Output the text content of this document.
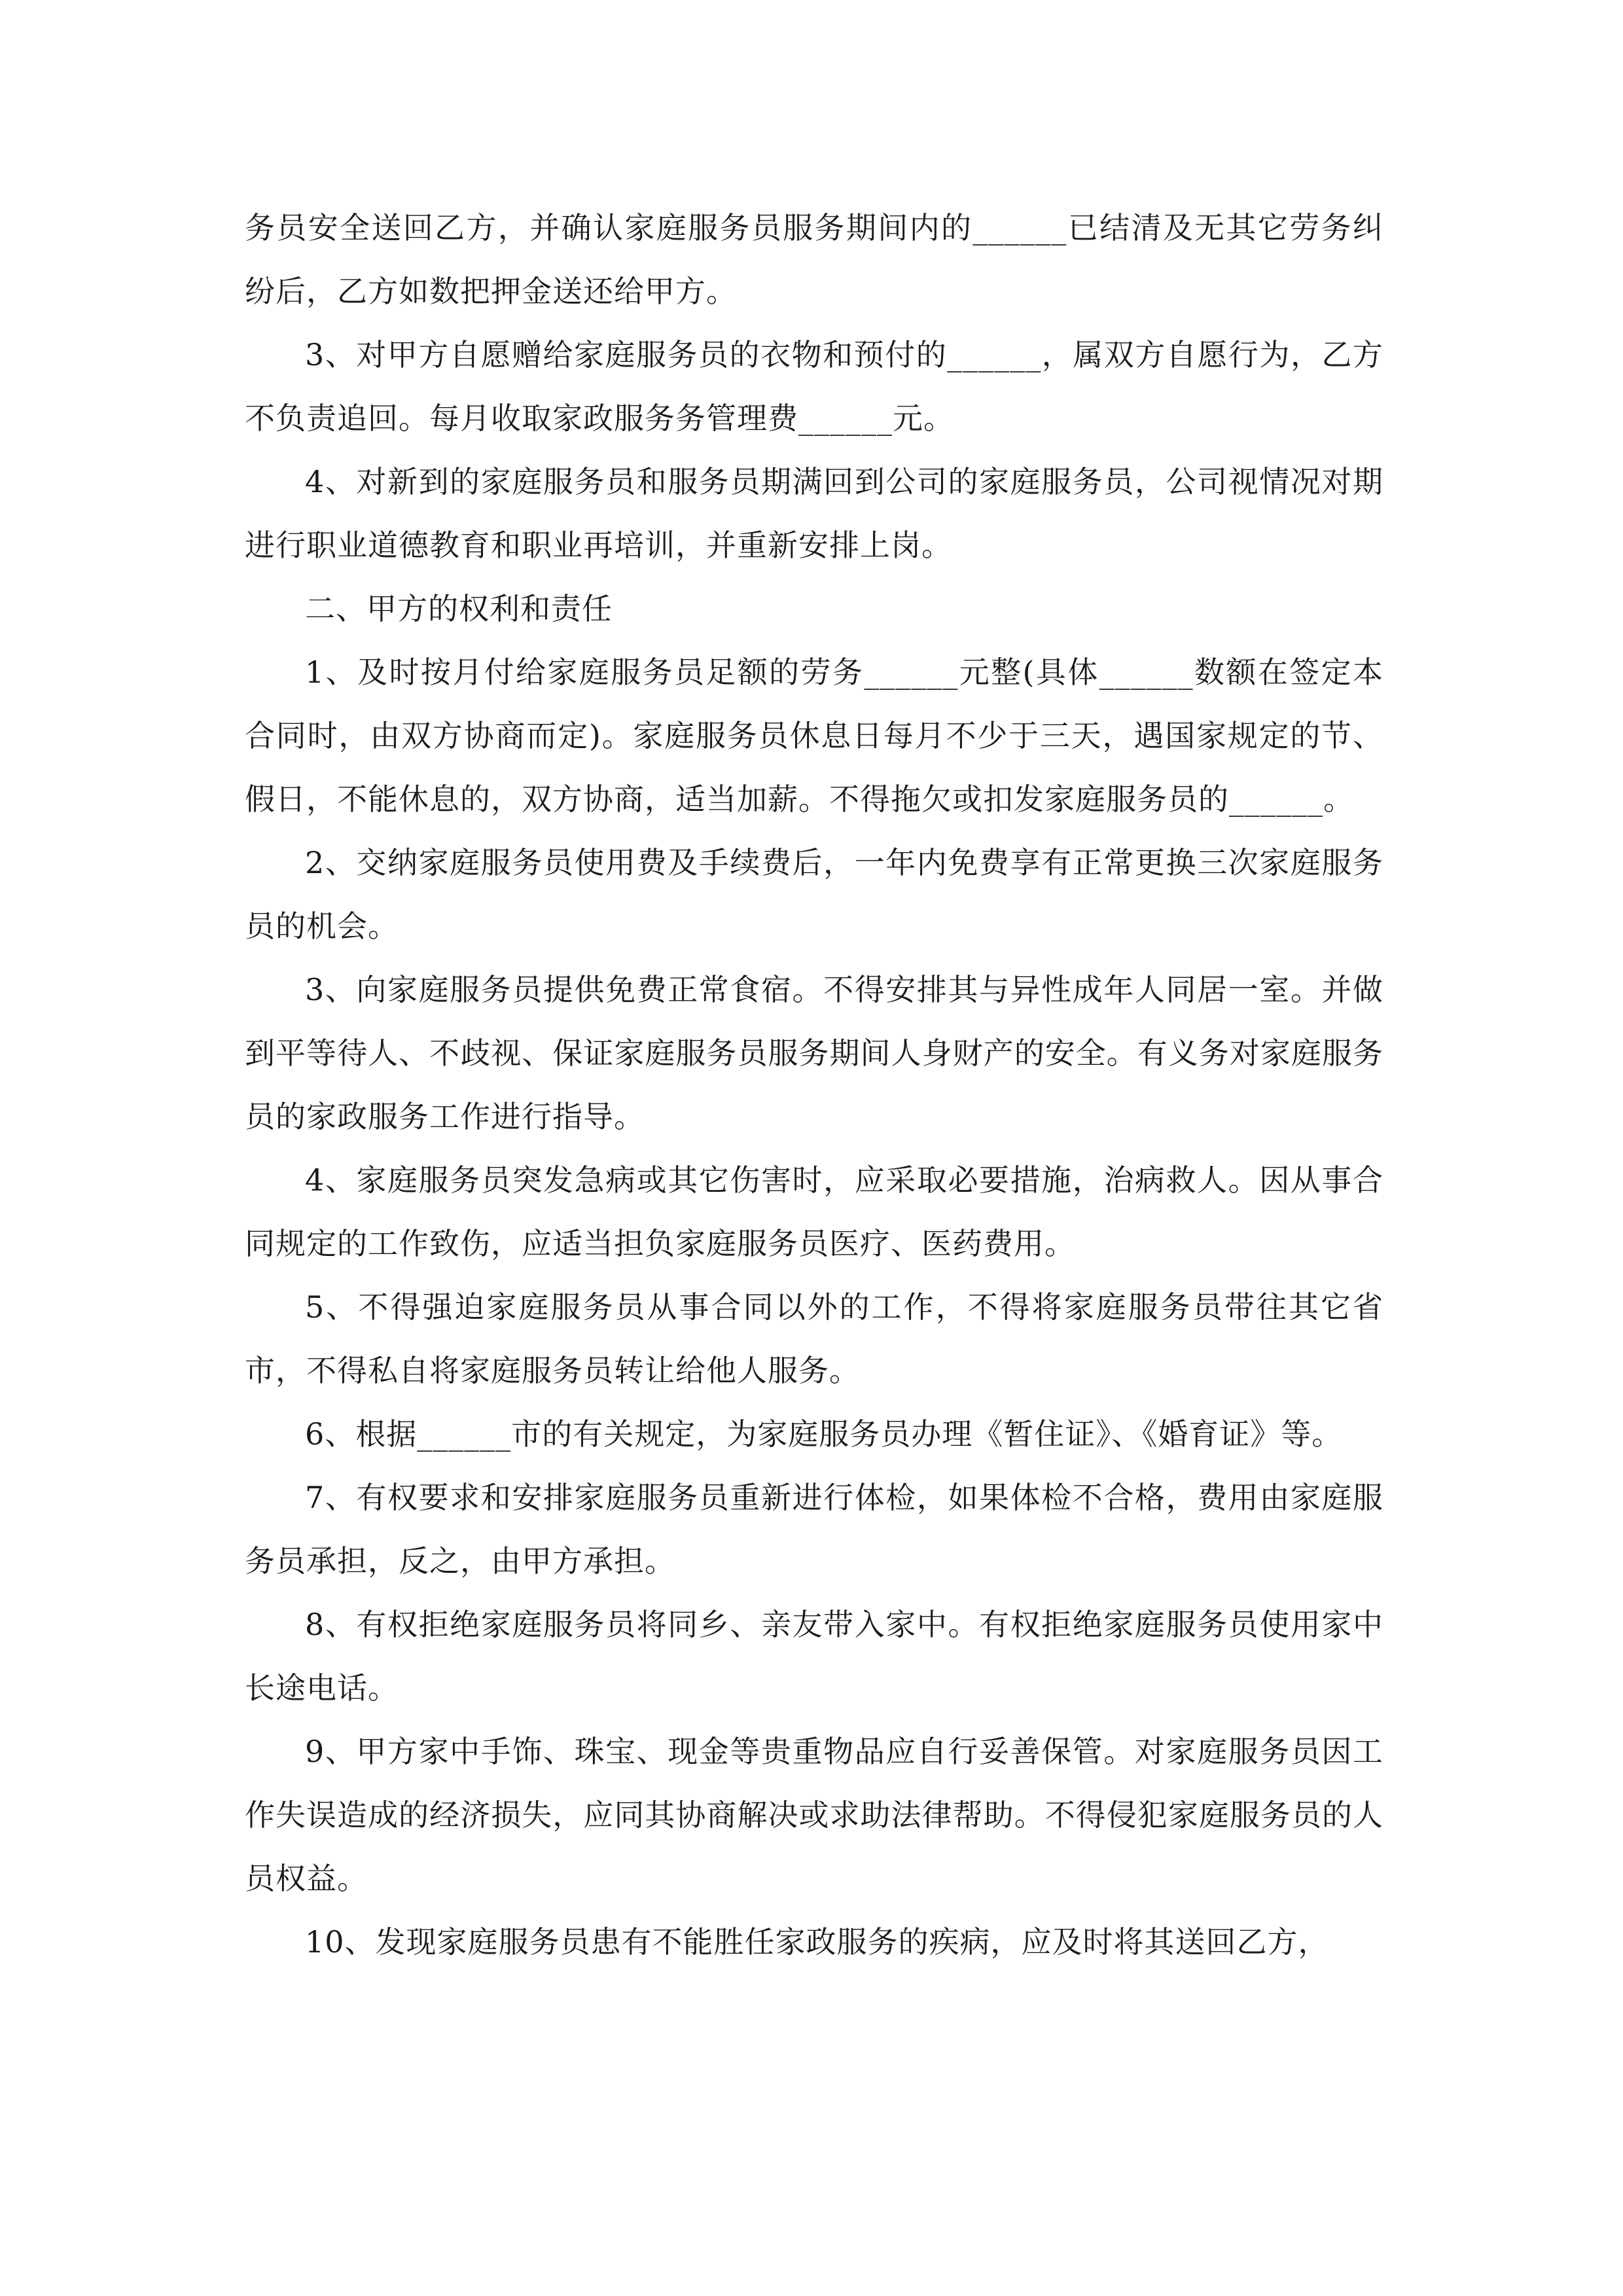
务员安全送回乙方，并确认家庭服务员服务期间内的______已结清及无其它劳务纠纷后，乙方如数把押金送还给甲方。

3、对甲方自愿赠给家庭服务员的衣物和预付的______，属双方自愿行为，乙方不负责追回。每月收取家政服务务管理费______元。

4、对新到的家庭服务员和服务员期满回到公司的家庭服务员，公司视情况对期进行职业道德教育和职业再培训，并重新安排上岗。

二、甲方的权利和责任

1、及时按月付给家庭服务员足额的劳务______元整(具体______数额在签定本合同时，由双方协商而定)。家庭服务员休息日每月不少于三天，遇国家规定的节、假日，不能休息的，双方协商，适当加薪。不得拖欠或扣发家庭服务员的______。

2、交纳家庭服务员使用费及手续费后，一年内免费享有正常更换三次家庭服务员的机会。

3、向家庭服务员提供免费正常食宿。不得安排其与异性成年人同居一室。并做到平等待人、不歧视、保证家庭服务员服务期间人身财产的安全。有义务对家庭服务员的家政服务工作进行指导。

4、家庭服务员突发急病或其它伤害时，应采取必要措施，治病救人。因从事合同规定的工作致伤，应适当担负家庭服务员医疗、医药费用。

5、不得强迫家庭服务员从事合同以外的工作，不得将家庭服务员带往其它省市，不得私自将家庭服务员转让给他人服务。

6、根据______市的有关规定，为家庭服务员办理《暂住证》、《婚育证》等。

7、有权要求和安排家庭服务员重新进行体检，如果体检不合格，费用由家庭服务员承担，反之，由甲方承担。

8、有权拒绝家庭服务员将同乡、亲友带入家中。有权拒绝家庭服务员使用家中长途电话。

9、甲方家中手饰、珠宝、现金等贵重物品应自行妥善保管。对家庭服务员因工作失误造成的经济损失，应同其协商解决或求助法律帮助。不得侵犯家庭服务员的人员权益。

10、发现家庭服务员患有不能胜任家政服务的疾病，应及时将其送回乙方，
